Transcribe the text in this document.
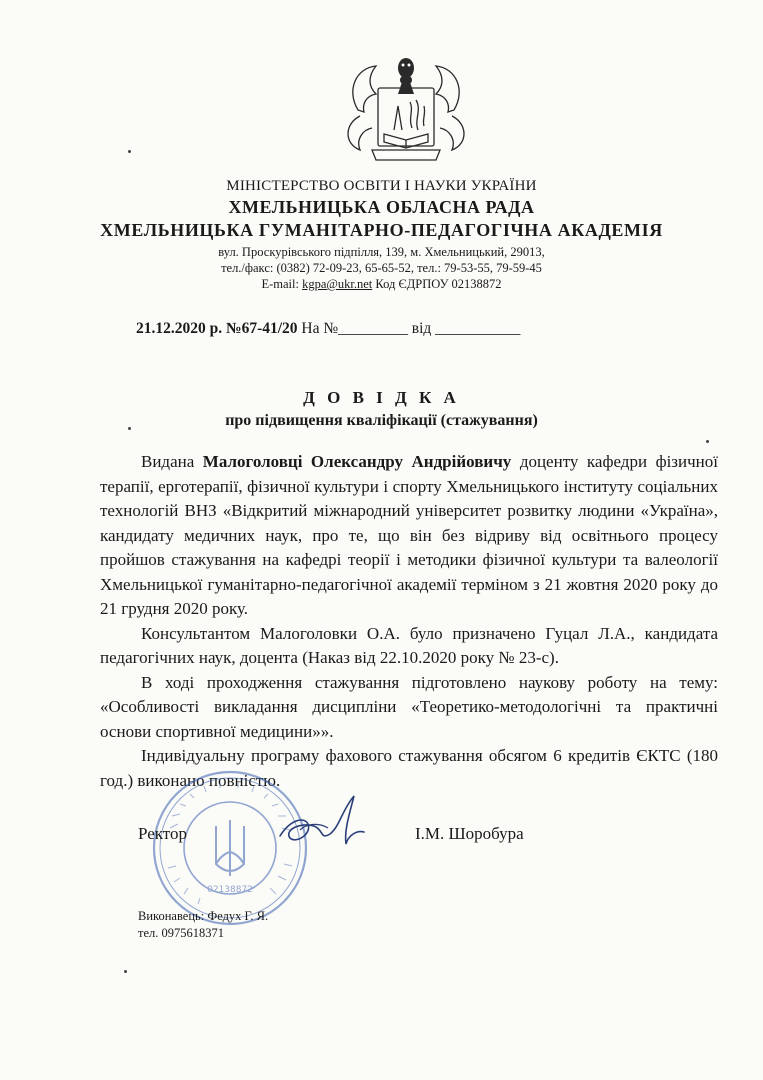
МІНІСТЕРСТВО ОСВІТИ І НАУКИ УКРАЇНИ
ХМЕЛЬНИЦЬКА ОБЛАСНА РАДА
ХМЕЛЬНИЦЬКА ГУМАНІТАРНО-ПЕДАГОГІЧНА АКАДЕМІЯ
вул. Проскурівського підпілля, 139, м. Хмельницький, 29013,
тел./факс: (0382) 72-09-23, 65-65-52, тел.: 79-53-55, 79-59-45
E-mail: kgpa@ukr.net Код ЄДРПОУ 02138872
21.12.2020 р. №67-41/20 На №_________ від ___________
Д О В І Д К А
про підвищення кваліфікації (стажування)

Видана Малоголовці Олександру Андрійовичу доценту кафедри фізичної терапії, ерготерапії, фізичної культури і спорту Хмельницького інституту соціальних технологій ВНЗ «Відкритий міжнародний університет розвитку людини «Україна», кандидату медичних наук, про те, що він без відриву від освітнього процесу пройшов стажування на кафедрі теорії і методики фізичної культури та валеології Хмельницької гуманітарно-педагогічної академії терміном з 21 жовтня 2020 року до 21 грудня 2020 року.

Консультантом Малоголовки О.А. було призначено Гуцал Л.А., кандидата педагогічних наук, доцента (Наказ від 22.10.2020 року № 23-с).

В ході проходження стажування підготовлено наукову роботу на тему: «Особливості викладання дисципліни «Теоретико-методологічні та практичні основи спортивної медицини»».

Індивідуальну програму фахового стажування обсягом 6 кредитів ЄКТС (180 год.) виконано повністю.

02138872
Ректор	І.М. Шоробура
Виконавець: Федух Г. Я.
тел. 0975618371
